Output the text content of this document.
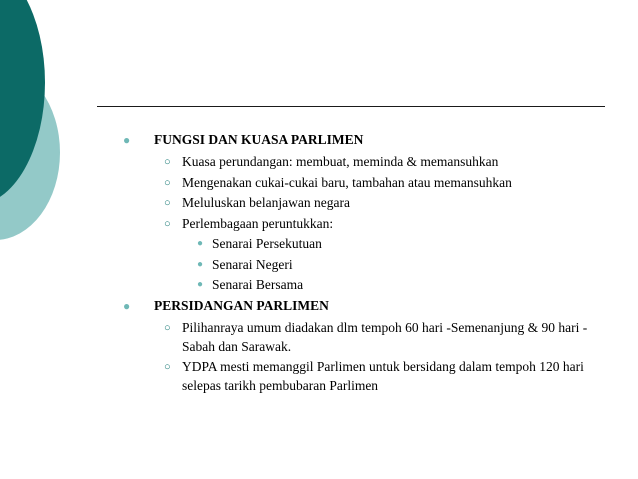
● FUNGSI DAN KUASA PARLIMEN
○ Kuasa perundangan: membuat, meminda & memansuhkan
○ Mengenakan cukai-cukai baru, tambahan atau memansuhkan
○ Meluluskan belanjawan negara
○ Perlembagaan peruntukkan:
● Senarai Persekutuan
● Senarai Negeri
● Senarai Bersama
● PERSIDANGAN PARLIMEN
○ Pilihanraya umum diadakan dlm tempoh 60 hari -Semenanjung & 90 hari - Sabah dan Sarawak.
○ YDPA mesti memanggil Parlimen untuk bersidang dalam tempoh 120 hari selepas tarikh pembubaran Parlimen
